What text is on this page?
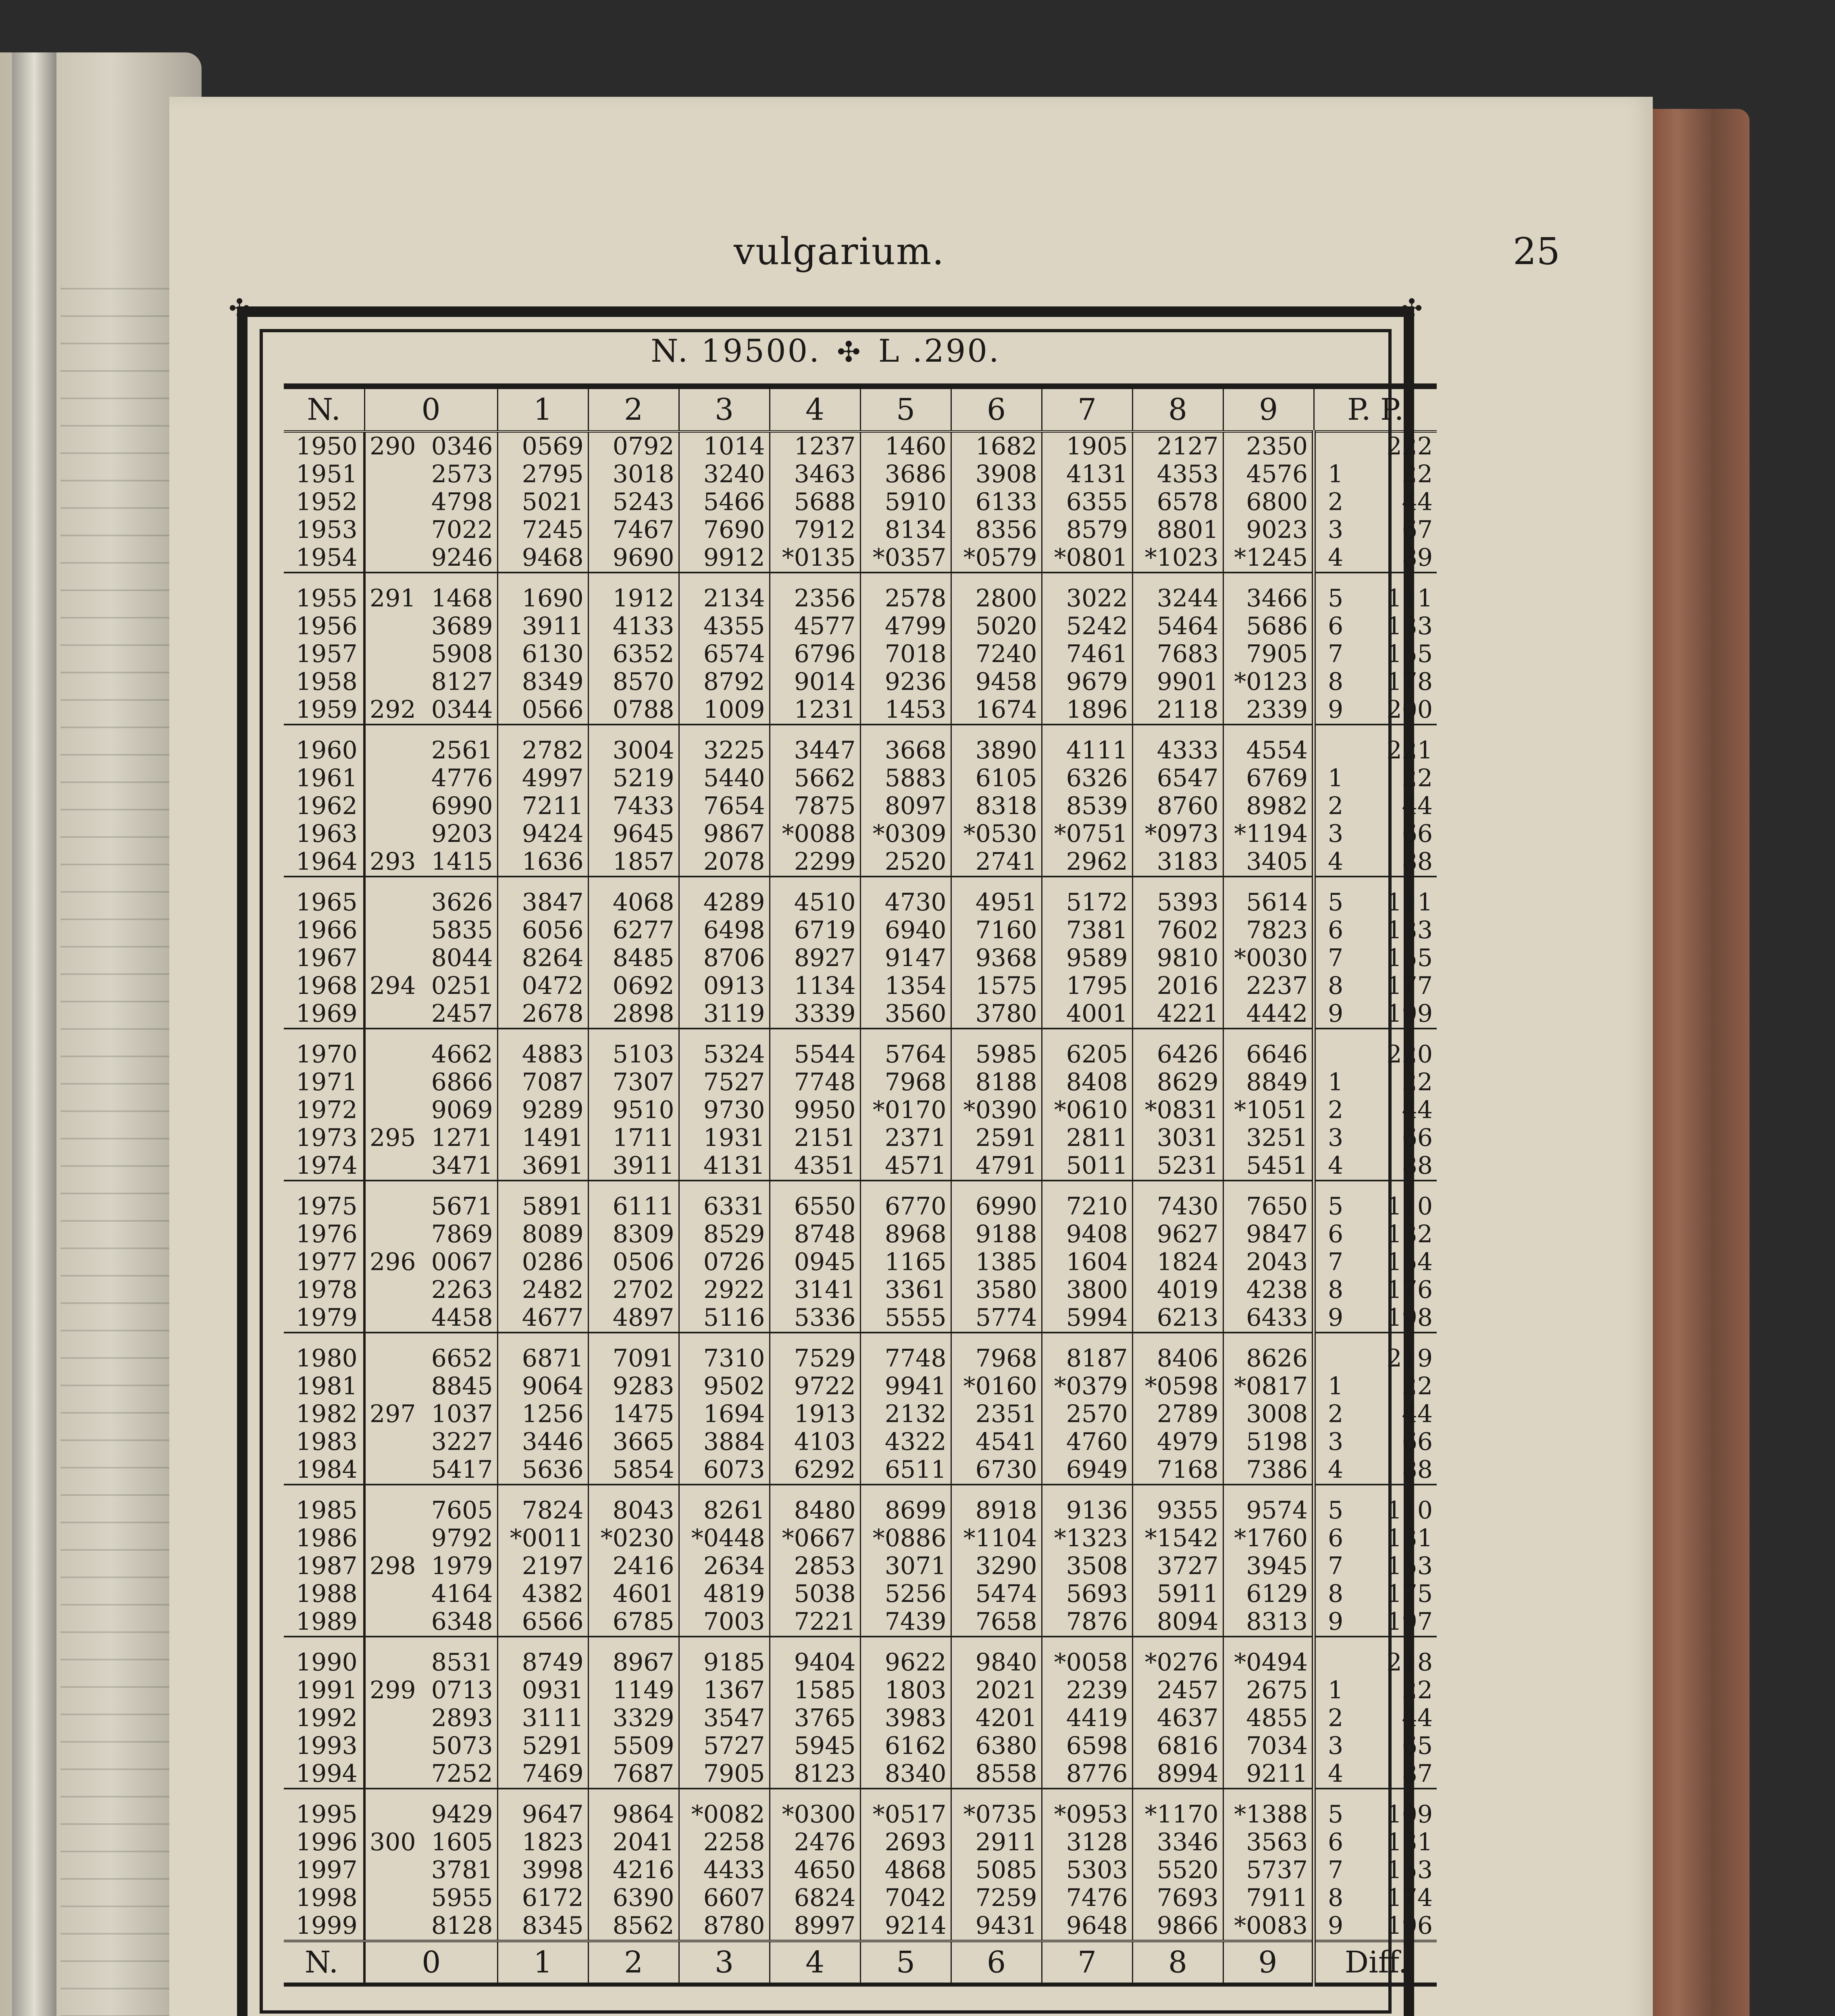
vulgarium.	25
✣	✣
N. 19500. ✣ L .290.
N.	0	1	2	3	4	5	6	7	8	9	P. P.
1950	290 0346	0569	0792	1014	1237	1460	1682	1905	2127	2350	222
1951	2573	2795	3018	3240	3463	3686	3908	4131	4353	4576	1 22
1952	4798	5021	5243	5466	5688	5910	6133	6355	6578	6800	2 44
1953	7022	7245	7467	7690	7912	8134	8356	8579	8801	9023	3 67
1954	9246	9468	9690	9912	*0135	*0357	*0579	*0801	*1023	*1245	4 89

1955	291 1468	1690	1912	2134	2356	2578	2800	3022	3244	3466	5 111
1956	3689	3911	4133	4355	4577	4799	5020	5242	5464	5686	6 133
1957	5908	6130	6352	6574	6796	7018	7240	7461	7683	7905	7 155
1958	8127	8349	8570	8792	9014	9236	9458	9679	9901	*0123	8 178
1959	292 0344	0566	0788	1009	1231	1453	1674	1896	2118	2339	9 200

1960	2561	2782	3004	3225	3447	3668	3890	4111	4333	4554	221
1961	4776	4997	5219	5440	5662	5883	6105	6326	6547	6769	1 22
1962	6990	7211	7433	7654	7875	8097	8318	8539	8760	8982	2 44
1963	9203	9424	9645	9867	*0088	*0309	*0530	*0751	*0973	*1194	3 66
1964	293 1415	1636	1857	2078	2299	2520	2741	2962	3183	3405	4 88

1965	3626	3847	4068	4289	4510	4730	4951	5172	5393	5614	5 111
1966	5835	6056	6277	6498	6719	6940	7160	7381	7602	7823	6 133
1967	8044	8264	8485	8706	8927	9147	9368	9589	9810	*0030	7 155
1968	294 0251	0472	0692	0913	1134	1354	1575	1795	2016	2237	8 177
1969	2457	2678	2898	3119	3339	3560	3780	4001	4221	4442	9 199

1970	4662	4883	5103	5324	5544	5764	5985	6205	6426	6646	220
1971	6866	7087	7307	7527	7748	7968	8188	8408	8629	8849	1 22
1972	9069	9289	9510	9730	9950	*0170	*0390	*0610	*0831	*1051	2 44
1973	295 1271	1491	1711	1931	2151	2371	2591	2811	3031	3251	3 66
1974	3471	3691	3911	4131	4351	4571	4791	5011	5231	5451	4 88

1975	5671	5891	6111	6331	6550	6770	6990	7210	7430	7650	5 110
1976	7869	8089	8309	8529	8748	8968	9188	9408	9627	9847	6 132
1977	296 0067	0286	0506	0726	0945	1165	1385	1604	1824	2043	7 154
1978	2263	2482	2702	2922	3141	3361	3580	3800	4019	4238	8 176
1979	4458	4677	4897	5116	5336	5555	5774	5994	6213	6433	9 198

1980	6652	6871	7091	7310	7529	7748	7968	8187	8406	8626	219
1981	8845	9064	9283	9502	9722	9941	*0160	*0379	*0598	*0817	1 22
1982	297 1037	1256	1475	1694	1913	2132	2351	2570	2789	3008	2 44
1983	3227	3446	3665	3884	4103	4322	4541	4760	4979	5198	3 66
1984	5417	5636	5854	6073	6292	6511	6730	6949	7168	7386	4 88

1985	7605	7824	8043	8261	8480	8699	8918	9136	9355	9574	5 110
1986	9792	*0011	*0230	*0448	*0667	*0886	*1104	*1323	*1542	*1760	6 131
1987	298 1979	2197	2416	2634	2853	3071	3290	3508	3727	3945	7 153
1988	4164	4382	4601	4819	5038	5256	5474	5693	5911	6129	8 175
1989	6348	6566	6785	7003	7221	7439	7658	7876	8094	8313	9 197

1990	8531	8749	8967	9185	9404	9622	9840	*0058	*0276	*0494	218
1991	299 0713	0931	1149	1367	1585	1803	2021	2239	2457	2675	1 22
1992	2893	3111	3329	3547	3765	3983	4201	4419	4637	4855	2 44
1993	5073	5291	5509	5727	5945	6162	6380	6598	6816	7034	3 65
1994	7252	7469	7687	7905	8123	8340	8558	8776	8994	9211	4 87

1995	9429	9647	9864	*0082	*0300	*0517	*0735	*0953	*1170	*1388	5 109
1996	300 1605	1823	2041	2258	2476	2693	2911	3128	3346	3563	6 131
1997	3781	3998	4216	4433	4650	4868	5085	5303	5520	5737	7 153
1998	5955	6172	6390	6607	6824	7042	7259	7476	7693	7911	8 174
1999	8128	8345	8562	8780	8997	9214	9431	9648	9866	*0083	9 196
N.	0	1	2	3	4	5	6	7	8	9	Diff.
